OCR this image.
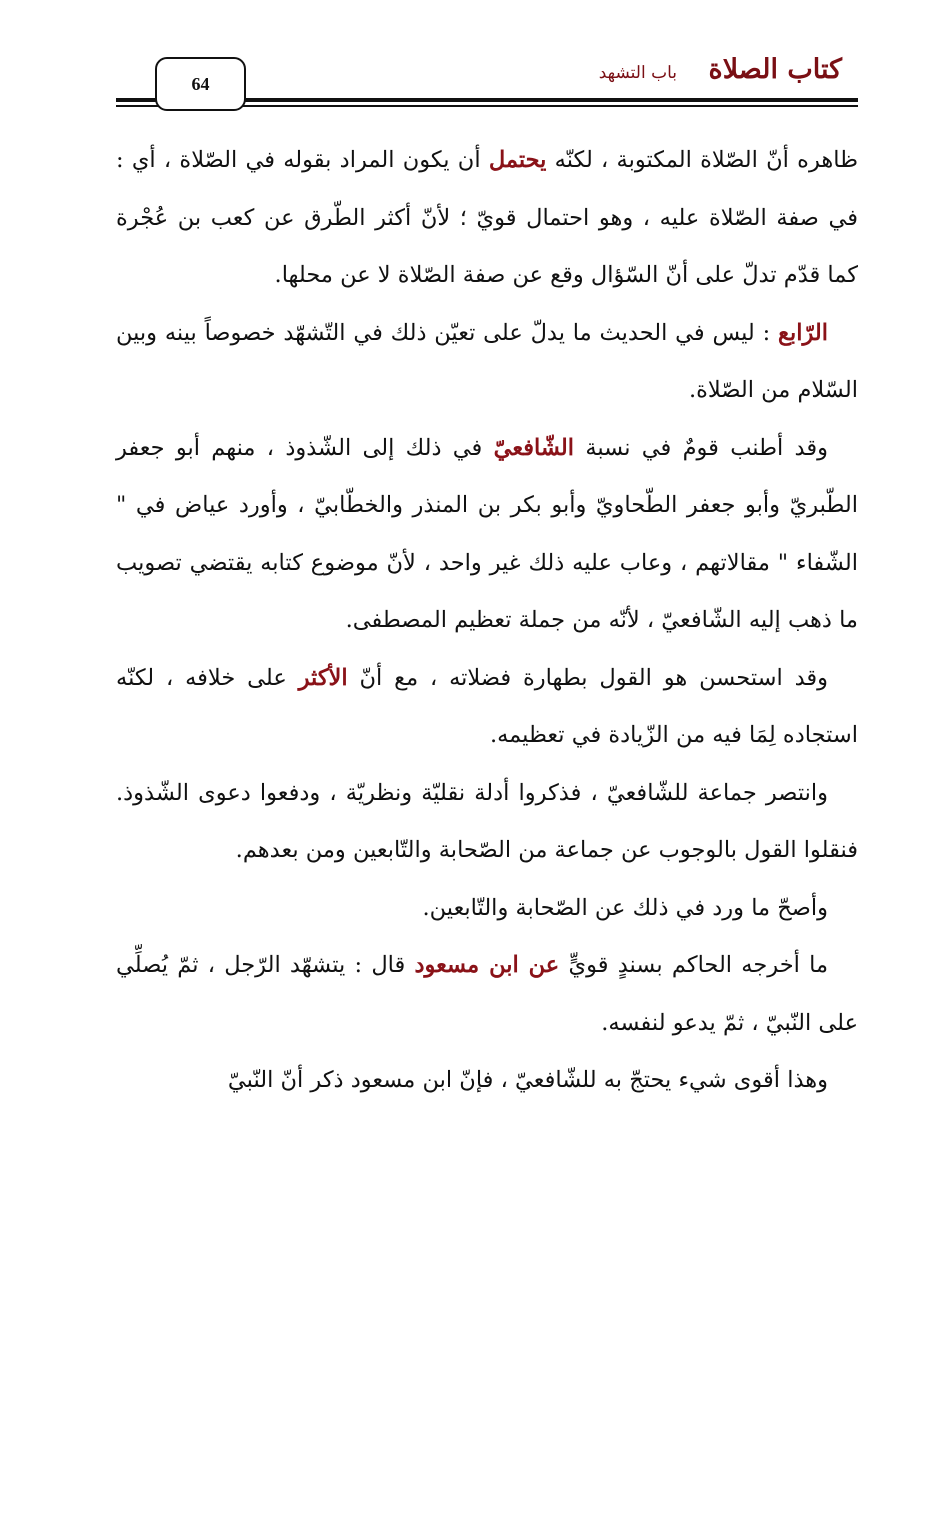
كتاب الصلاة
باب التشهد
64

ظاهره أنّ الصّلاة المكتوبة ، لكنّه يحتمل أن يكون المراد بقوله في الصّلاة ، أي : في صفة الصّلاة عليه ، وهو احتمال قويّ ؛ لأنّ أكثر الطّرق عن كعب بن عُجْرة كما قدّم تدلّ على أنّ السّؤال وقع عن صفة الصّلاة لا عن محلها.

الرّابع : ليس في الحديث ما يدلّ على تعيّن ذلك في التّشهّد خصوصاً بينه وبين السّلام من الصّلاة.

وقد أطنب قومٌ في نسبة الشّافعيّ في ذلك إلى الشّذوذ ، منهم أبو جعفر الطّبريّ وأبو جعفر الطّحاويّ وأبو بكر بن المنذر والخطّابيّ ، وأورد عياض في " الشّفاء " مقالاتهم ، وعاب عليه ذلك غير واحد ، لأنّ موضوع كتابه يقتضي تصويب ما ذهب إليه الشّافعيّ ، لأنّه من جملة تعظيم المصطفى.

وقد استحسن هو القول بطهارة فضلاته ، مع أنّ الأكثر على خلافه ، لكنّه استجاده لِمَا فيه من الزّيادة في تعظيمه.

وانتصر جماعة للشّافعيّ ، فذكروا أدلة نقليّة ونظريّة ، ودفعوا دعوى الشّذوذ. فنقلوا القول بالوجوب عن جماعة من الصّحابة والتّابعين ومن بعدهم.

وأصحّ ما ورد في ذلك عن الصّحابة والتّابعين.

ما أخرجه الحاكم بسندٍ قويٍّ عن ابن مسعود قال : يتشهّد الرّجل ، ثمّ يُصلِّي على النّبيّ ، ثمّ يدعو لنفسه.

وهذا أقوى شيء يحتجّ به للشّافعيّ ، فإنّ ابن مسعود ذكر أنّ النّبيّ
